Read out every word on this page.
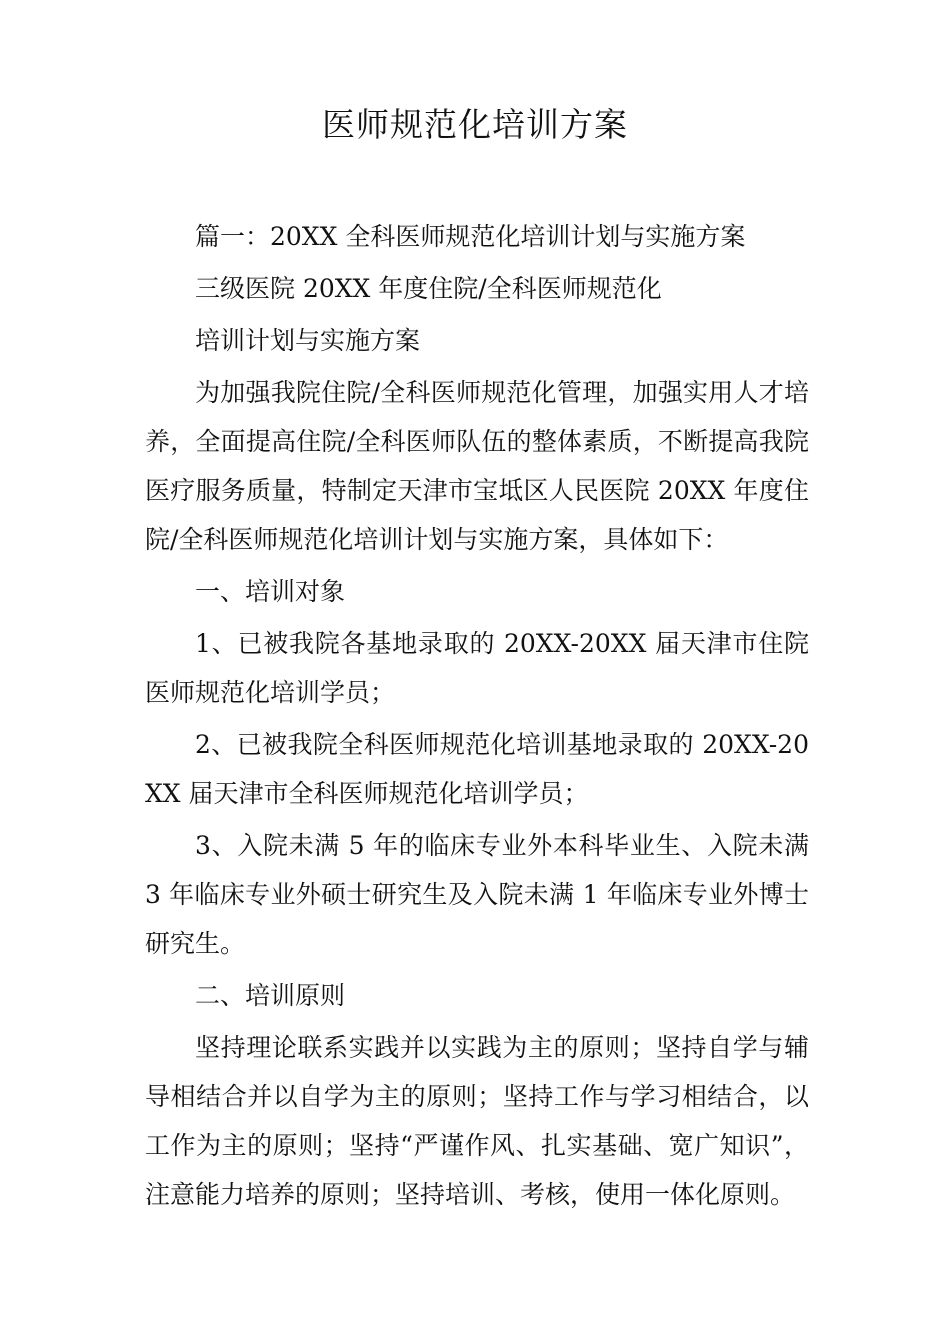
医师规范化培训方案

篇一：20XX 全科医师规范化培训计划与实施方案

三级医院 20XX 年度住院/全科医师规范化

培训计划与实施方案

为加强我院住院/全科医师规范化管理，加强实用人才培养，全面提高住院/全科医师队伍的整体素质，不断提高我院医疗服务质量，特制定天津市宝坻区人民医院 20XX 年度住院/全科医师规范化培训计划与实施方案，具体如下：

一、培训对象

1、已被我院各基地录取的 20XX-20XX 届天津市住院医师规范化培训学员；

2、已被我院全科医师规范化培训基地录取的 20XX-20XX 届天津市全科医师规范化培训学员；

3、入院未满 5 年的临床专业外本科毕业生、入院未满 3 年临床专业外硕士研究生及入院未满 1 年临床专业外博士研究生。

二、培训原则

坚持理论联系实践并以实践为主的原则；坚持自学与辅导相结合并以自学为主的原则；坚持工作与学习相结合，以工作为主的原则；坚持“严谨作风、扎实基础、宽广知识”，注意能力培养的原则；坚持培训、考核，使用一体化原则。
